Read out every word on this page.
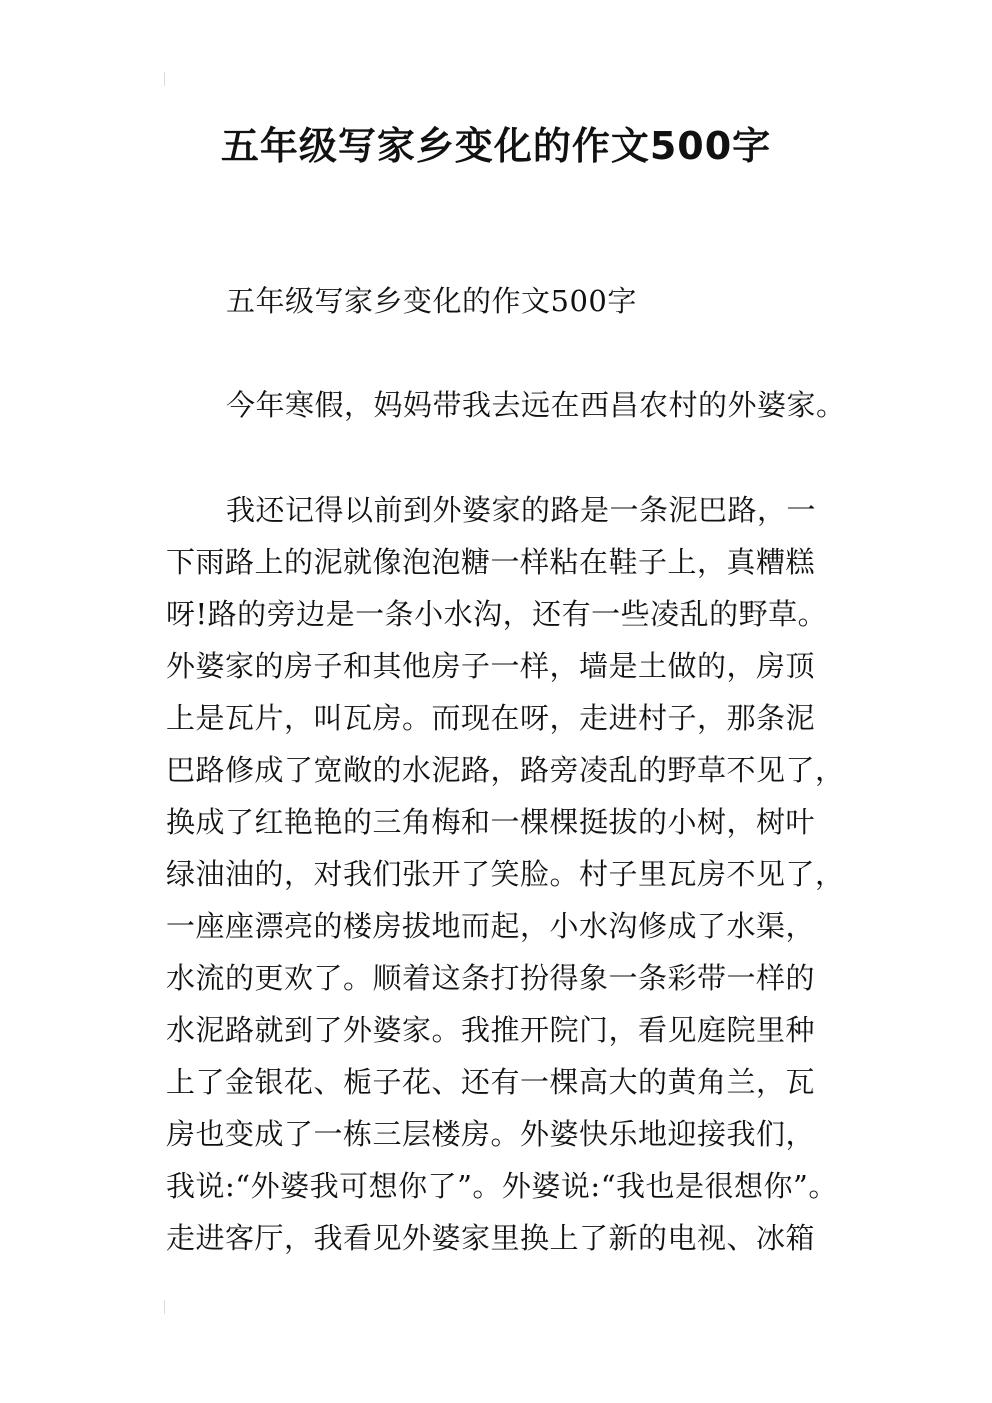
五年级写家乡变化的作文500字
五年级写家乡变化的作文500字
今年寒假，妈妈带我去远在西昌农村的外婆家。
我还记得以前到外婆家的路是一条泥巴路，一
下雨路上的泥就像泡泡糖一样粘在鞋子上，真糟糕
呀!路的旁边是一条小水沟，还有一些凌乱的野草。
外婆家的房子和其他房子一样，墙是土做的，房顶
上是瓦片，叫瓦房。而现在呀，走进村子，那条泥
巴路修成了宽敞的水泥路，路旁凌乱的野草不见了，
换成了红艳艳的三角梅和一棵棵挺拔的小树，树叶
绿油油的，对我们张开了笑脸。村子里瓦房不见了，
一座座漂亮的楼房拔地而起，小水沟修成了水渠，
水流的更欢了。顺着这条打扮得象一条彩带一样的
水泥路就到了外婆家。我推开院门，看见庭院里种
上了金银花、栀子花、还有一棵高大的黄角兰，瓦
房也变成了一栋三层楼房。外婆快乐地迎接我们，
我说:“外婆我可想你了”。外婆说:“我也是很想你”。
走进客厅，我看见外婆家里换上了新的电视、冰箱
